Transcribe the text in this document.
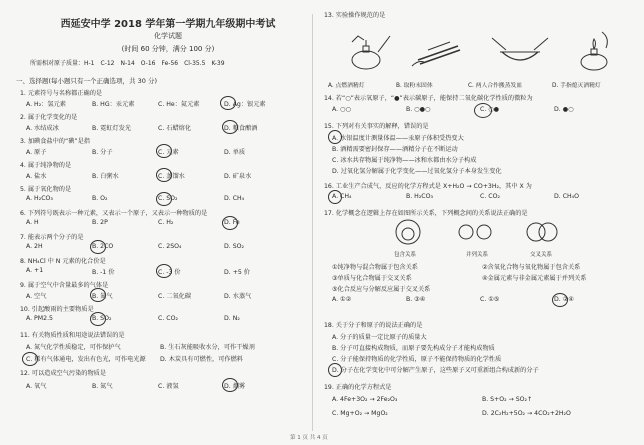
西延安中学 2018 学年第一学期九年级期中考试
化学试题
(时间 60 分钟，满分 100 分)
所需相对原子质量：H-1　C-12　N-14　O-16　Fe-56　Cl-35.5　K-39
一、选择题(每小题只有一个正确选项，共 30 分)
1. 元素符号与名称都正确的是
A. H₂：氢元素	B. HG：汞元素	C. He：氦元素	D. Ag：银元素
2. 属于化学变化的是
A. 水结成冰	B. 霓虹灯发光	C. 石蜡熔化	D. 粮食酿酒
3. 加碘食盐中的“碘”是指
A. 原子	B. 分子	C. 元素	D. 单质
4. 属于纯净物的是
A. 盐水	B. 白粥水	C. 蒸馏水	D. 矿泉水
5. 属于氧化物的是
A. H₂CO₃	B. O₂	C. SO₂	D. CH₄
6. 下列符号既表示一种元素，又表示一个原子，又表示一种物质的是
A. H	B. 2P	C. H₂	D. Fe
7. 能表示两个分子的是
A. 2H	B. 2CO	C. 2SO₄	D. SO₂
8. NH₄Cl 中 N 元素的化合价是
A. +1	B. -1 价	C. -3 价	D. +5 价
9. 属于空气中含量最多的气体是
A. 空气	B. 氮气	C. 二氧化碳	D. 水蒸气
10. 引起酸雨的主要物质是
A. PM2.5	B. SO₂	C. CO₂	D. N₂
11. 有关物质性质和用途说法错误的是
A. 氮气化学性质稳定，可作保护气	B. 生石灰能吸收水分，可作干燥剂
C. 稀有气体通电，发出有色光，可作电光源 D. 木炭具有可燃性，可作燃料
12. 可以造成空气污染的物质是
A. 氧气	B. 氮气	C. 液氢	D. 烟雾
13. 实验操作规范的是
A. 点燃酒精灯	B. 取粉末固体	C. 两人合作搬蒸发皿	D. 手指熄灭酒精灯
14. 若“○”表示氧原子，“●”表示碳原子，能保持二氧化碳化学性质的微粒为
A. ○○	B. ○●○	C. ○●	D. ●○
15. 下列对有关事实的解释，错误的是
A. 水银温度计测量体温——汞原子体积受热变大
B. 酒精需要密封保存——酒精分子在不断运动
C. 冰水共存物属于纯净物——冰和水都由水分子构成
D. 过氧化氢分解属于化学变化——过氧化氢分子本身发生变化
16. 工业生产合成气，反应的化学方程式是 X+H₂O → CO+3H₂，其中 X 为
A. CH₄	B. H₂CO₃	C. CO₂	D. CH₄O
17. 化学概念在逻辑上存在如图所示关系，下列概念间的关系说法正确的是
包含关系	并列关系	交叉关系
①纯净物与混合物属于包含关系	②含氧化合物与氧化物属于包含关系
③单质与化合物属于交叉关系	④金属元素与非金属元素属于并列关系
⑤化合反应与分解反应属于交叉关系
A. ①②	B. ③④	C. ①⑤	D. ②④
18. 关于分子和原子的说法正确的是
A. 分子的质量一定比原子的质量大
B. 分子可直接构成物质，而原子要先构成分子才能构成物质
C. 分子能保持物质的化学性质，原子不能保持物质的化学性质
D. 分子在化学变化中可分解产生原子，这些原子又可重新组合构成新的分子
19. 正确的化学方程式是
A. 4Fe+3O₂ → 2Fe₂O₃	B. S+O₂ → SO₂↑
C. Mg+O₂ → MgO₂	D. 2C₂H₂+5O₂ → 4CO₂+2H₂O
第 1 页 共 4 页
